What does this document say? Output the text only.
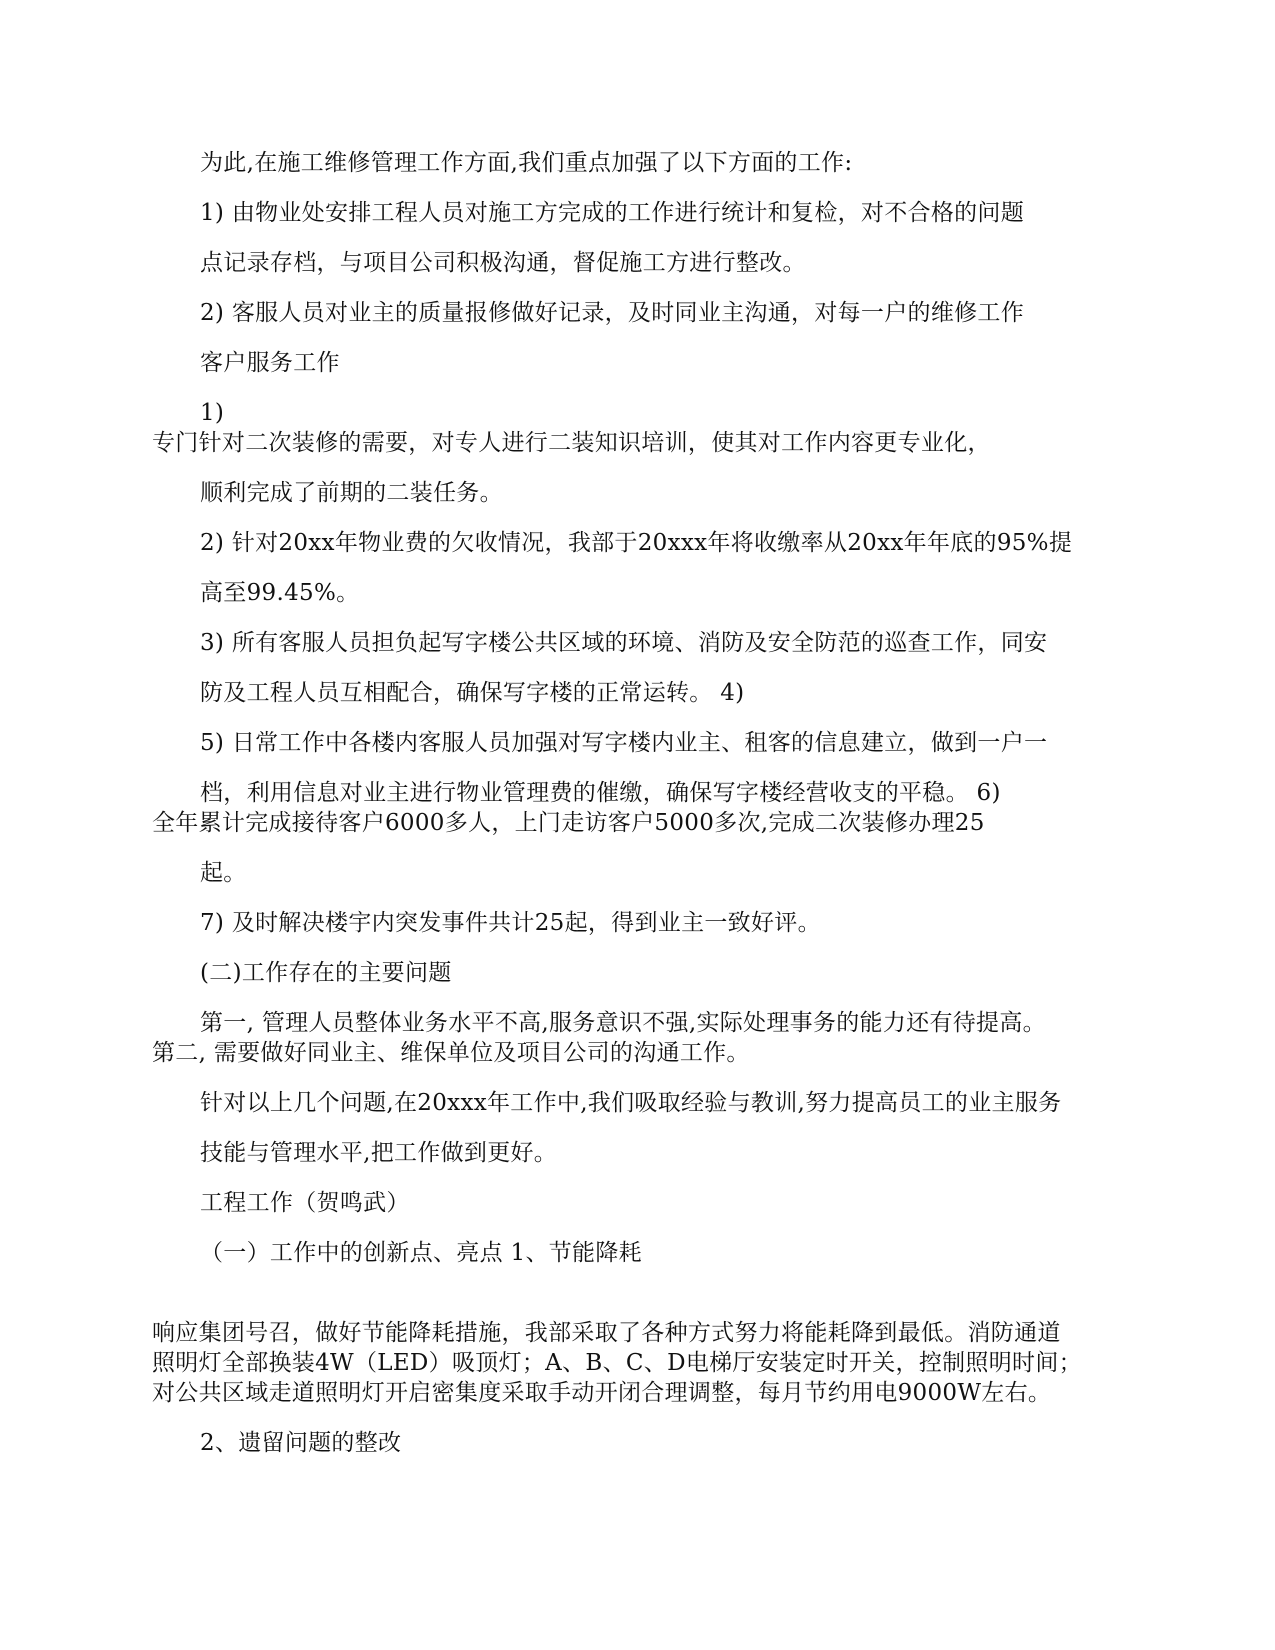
为此,在施工维修管理工作方面,我们重点加强了以下方面的工作:
1) 由物业处安排工程人员对施工方完成的工作进行统计和复检，对不合格的问题
点记录存档，与项目公司积极沟通，督促施工方进行整改。
2) 客服人员对业主的质量报修做好记录，及时同业主沟通，对每一户的维修工作
客户服务工作
1)
专门针对二次装修的需要，对专人进行二装知识培训，使其对工作内容更专业化，
顺利完成了前期的二装任务。
2) 针对20xx年物业费的欠收情况，我部于20xxx年将收缴率从20xx年年底的95%提
高至99.45%。
3) 所有客服人员担负起写字楼公共区域的环境、消防及安全防范的巡查工作，同安
防及工程人员互相配合，确保写字楼的正常运转。 4)
5) 日常工作中各楼内客服人员加强对写字楼内业主、租客的信息建立，做到一户一
档，利用信息对业主进行物业管理费的催缴，确保写字楼经营收支的平稳。 6)
全年累计完成接待客户6000多人，上门走访客户5000多次,完成二次装修办理25
起。
7) 及时解决楼宇内突发事件共计25起，得到业主一致好评。
(二)工作存在的主要问题
第一, 管理人员整体业务水平不高,服务意识不强,实际处理事务的能力还有待提高。
第二, 需要做好同业主、维保单位及项目公司的沟通工作。
针对以上几个问题,在20xxx年工作中,我们吸取经验与教训,努力提高员工的业主服务
技能与管理水平,把工作做到更好。
工程工作（贺鸣武）
（一）工作中的创新点、亮点 1、节能降耗
响应集团号召，做好节能降耗措施，我部采取了各种方式努力将能耗降到最低。消防通道
照明灯全部换装4W（LED）吸顶灯；A、B、C、D电梯厅安装定时开关，控制照明时间；
对公共区域走道照明灯开启密集度采取手动开闭合理调整，每月节约用电9000W左右。
2、遗留问题的整改
